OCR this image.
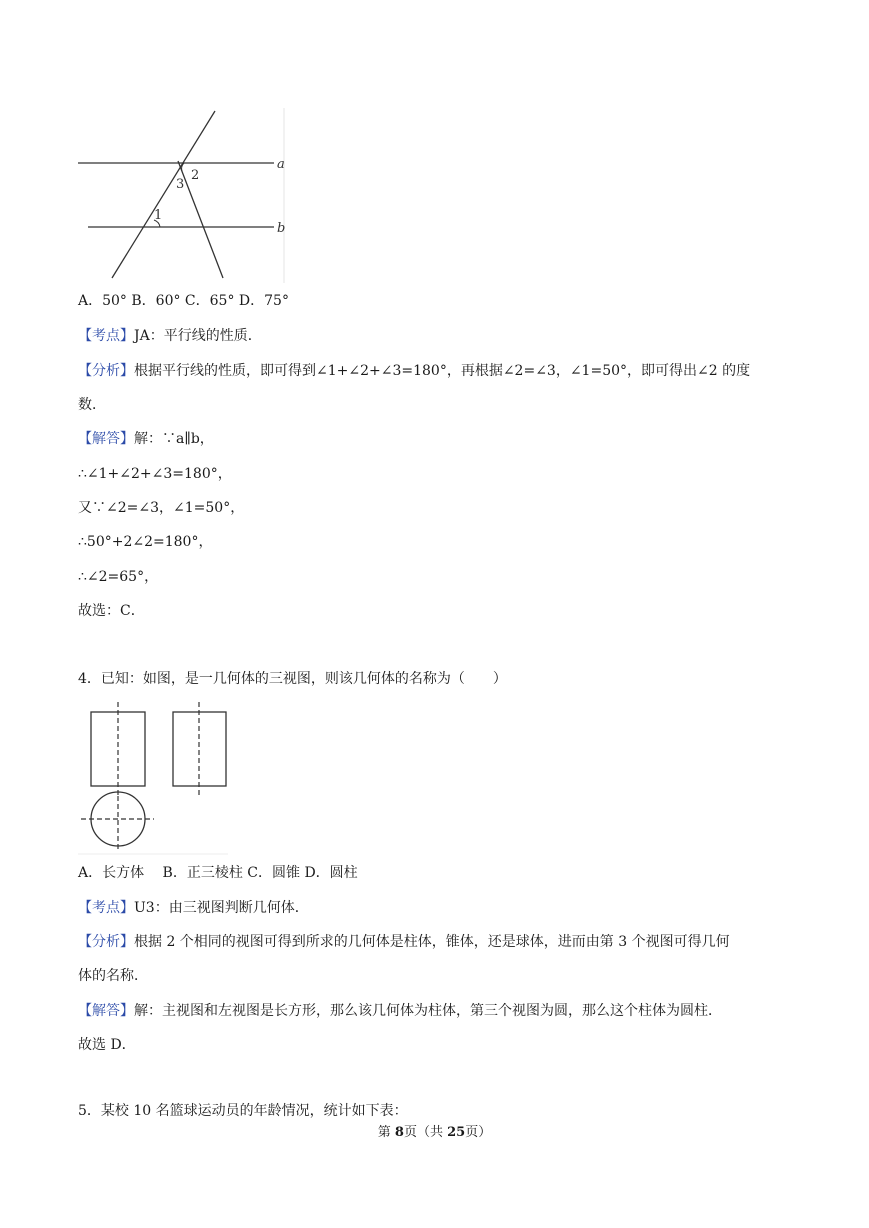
a
b
2
3
1
A．50° B．60° C．65° D．75°
【考点】JA：平行线的性质．
【分析】根据平行线的性质，即可得到∠1+∠2+∠3=180°，再根据∠2=∠3，∠1=50°，即可得出∠2 的度
数．
【解答】解：∵a∥b，
∴∠1+∠2+∠3=180°，
又∵∠2=∠3，∠1=50°，
∴50°+2∠2=180°，
∴∠2=65°，
故选：C．
4．已知：如图，是一几何体的三视图，则该几何体的名称为（　　）
A．长方体　 B．正三棱柱 C．圆锥 D．圆柱
【考点】U3：由三视图判断几何体．
【分析】根据 2 个相同的视图可得到所求的几何体是柱体，锥体，还是球体，进而由第 3 个视图可得几何
体的名称．
【解答】解：主视图和左视图是长方形，那么该几何体为柱体，第三个视图为圆，那么这个柱体为圆柱．
故选 D．
5．某校 10 名篮球运动员的年龄情况，统计如下表：
第 8页（共 25页）
